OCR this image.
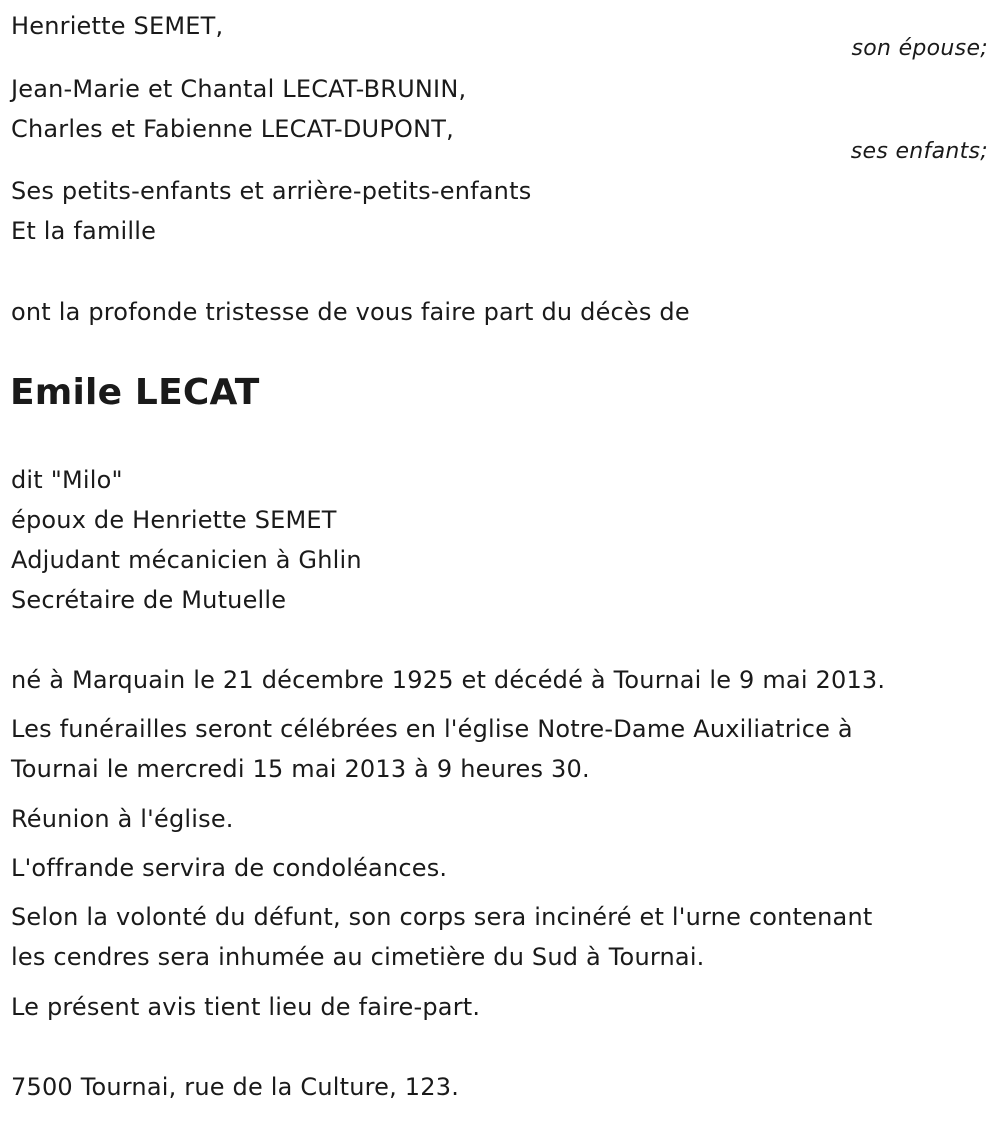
Henriette SEMET,
son épouse;
Jean-Marie et Chantal LECAT-BRUNIN,
Charles et Fabienne LECAT-DUPONT,
ses enfants;
Ses petits-enfants et arrière-petits-enfants
Et la famille
ont la profonde tristesse de vous faire part du décès de
Emile LECAT
dit "Milo"
époux de Henriette SEMET
Adjudant mécanicien à Ghlin
Secrétaire de Mutuelle
né à Marquain le 21 décembre 1925 et décédé à Tournai le 9 mai 2013.
Les funérailles seront célébrées en l'église Notre-Dame Auxiliatrice à
Tournai le mercredi 15 mai 2013 à 9 heures 30.
Réunion à l'église.
L'offrande servira de condoléances.
Selon la volonté du défunt, son corps sera incinéré et l'urne contenant
les cendres sera inhumée au cimetière du Sud à Tournai.
Le présent avis tient lieu de faire-part.
7500 Tournai, rue de la Culture, 123.
